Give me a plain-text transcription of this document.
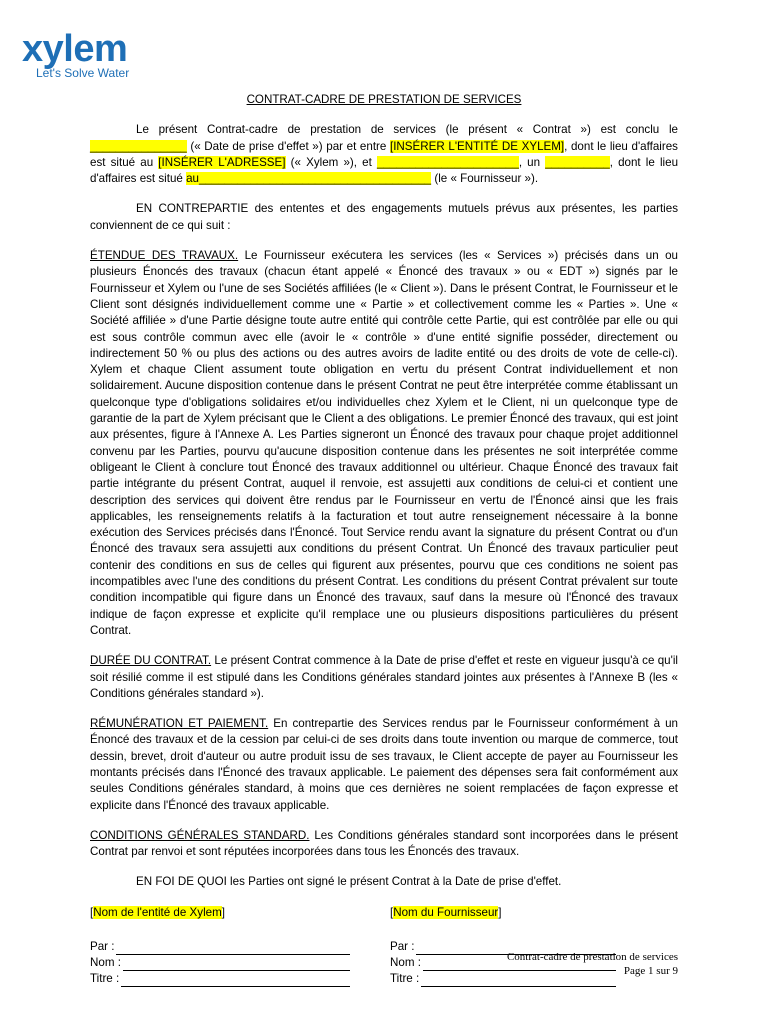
xylem
Let's Solve Water
CONTRAT-CADRE DE PRESTATION DE SERVICES

Le présent Contrat-cadre de prestation de services (le présent « Contrat ») est conclu le _______________ (« Date de prise d'effet ») par et entre [INSÉRER L'ENTITÉ DE XYLEM], dont le lieu d'affaires est situé au [INSÉRER L'ADRESSE] (« Xylem »), et ______________________, un __________, dont le lieu d'affaires est situé au____________________________________ (le « Fournisseur »).

EN CONTREPARTIE des ententes et des engagements mutuels prévus aux présentes, les parties conviennent de ce qui suit :

ÉTENDUE DES TRAVAUX. Le Fournisseur exécutera les services (les « Services ») précisés dans un ou plusieurs Énoncés des travaux (chacun étant appelé « Énoncé des travaux » ou « EDT ») signés par le Fournisseur et Xylem ou l'une de ses Sociétés affiliées (le « Client »). Dans le présent Contrat, le Fournisseur et le Client sont désignés individuellement comme une « Partie » et collectivement comme les « Parties ». Une « Société affiliée » d'une Partie désigne toute autre entité qui contrôle cette Partie, qui est contrôlée par elle ou qui est sous contrôle commun avec elle (avoir le « contrôle » d'une entité signifie posséder, directement ou indirectement 50 % ou plus des actions ou des autres avoirs de ladite entité ou des droits de vote de celle-ci). Xylem et chaque Client assument toute obligation en vertu du présent Contrat individuellement et non solidairement. Aucune disposition contenue dans le présent Contrat ne peut être interprétée comme établissant un quelconque type d'obligations solidaires et/ou individuelles chez Xylem et le Client, ni un quelconque type de garantie de la part de Xylem précisant que le Client a des obligations. Le premier Énoncé des travaux, qui est joint aux présentes, figure à l'Annexe A. Les Parties signeront un Énoncé des travaux pour chaque projet additionnel convenu par les Parties, pourvu qu'aucune disposition contenue dans les présentes ne soit interprétée comme obligeant le Client à conclure tout Énoncé des travaux additionnel ou ultérieur. Chaque Énoncé des travaux fait partie intégrante du présent Contrat, auquel il renvoie, est assujetti aux conditions de celui-ci et contient une description des services qui doivent être rendus par le Fournisseur en vertu de l'Énoncé ainsi que les frais applicables, les renseignements relatifs à la facturation et tout autre renseignement nécessaire à la bonne exécution des Services précisés dans l'Énoncé. Tout Service rendu avant la signature du présent Contrat ou d'un Énoncé des travaux sera assujetti aux conditions du présent Contrat. Un Énoncé des travaux particulier peut contenir des conditions en sus de celles qui figurent aux présentes, pourvu que ces conditions ne soient pas incompatibles avec l'une des conditions du présent Contrat. Les conditions du présent Contrat prévalent sur toute condition incompatible qui figure dans un Énoncé des travaux, sauf dans la mesure où l'Énoncé des travaux indique de façon expresse et explicite qu'il remplace une ou plusieurs dispositions particulières du présent Contrat.

DURÉE DU CONTRAT. Le présent Contrat commence à la Date de prise d'effet et reste en vigueur jusqu'à ce qu'il soit résilié comme il est stipulé dans les Conditions générales standard jointes aux présentes à l'Annexe B (les « Conditions générales standard »).

RÉMUNÉRATION ET PAIEMENT. En contrepartie des Services rendus par le Fournisseur conformément à un Énoncé des travaux et de la cession par celui-ci de ses droits dans toute invention ou marque de commerce, tout dessin, brevet, droit d'auteur ou autre produit issu de ses travaux, le Client accepte de payer au Fournisseur les montants précisés dans l'Énoncé des travaux applicable. Le paiement des dépenses sera fait conformément aux seules Conditions générales standard, à moins que ces dernières ne soient remplacées de façon expresse et explicite dans l'Énoncé des travaux applicable.

CONDITIONS GÉNÉRALES STANDARD. Les Conditions générales standard sont incorporées dans le présent Contrat par renvoi et sont réputées incorporées dans tous les Énoncés des travaux.

EN FOI DE QUOI les Parties ont signé le présent Contrat à la Date de prise d'effet.

[Nom de l'entité de Xylem]
Par :
Nom :
Titre :
[Nom du Fournisseur]
Par :
Nom :
Titre :
Contrat-cadre de prestation de services
Page 1 sur 9
